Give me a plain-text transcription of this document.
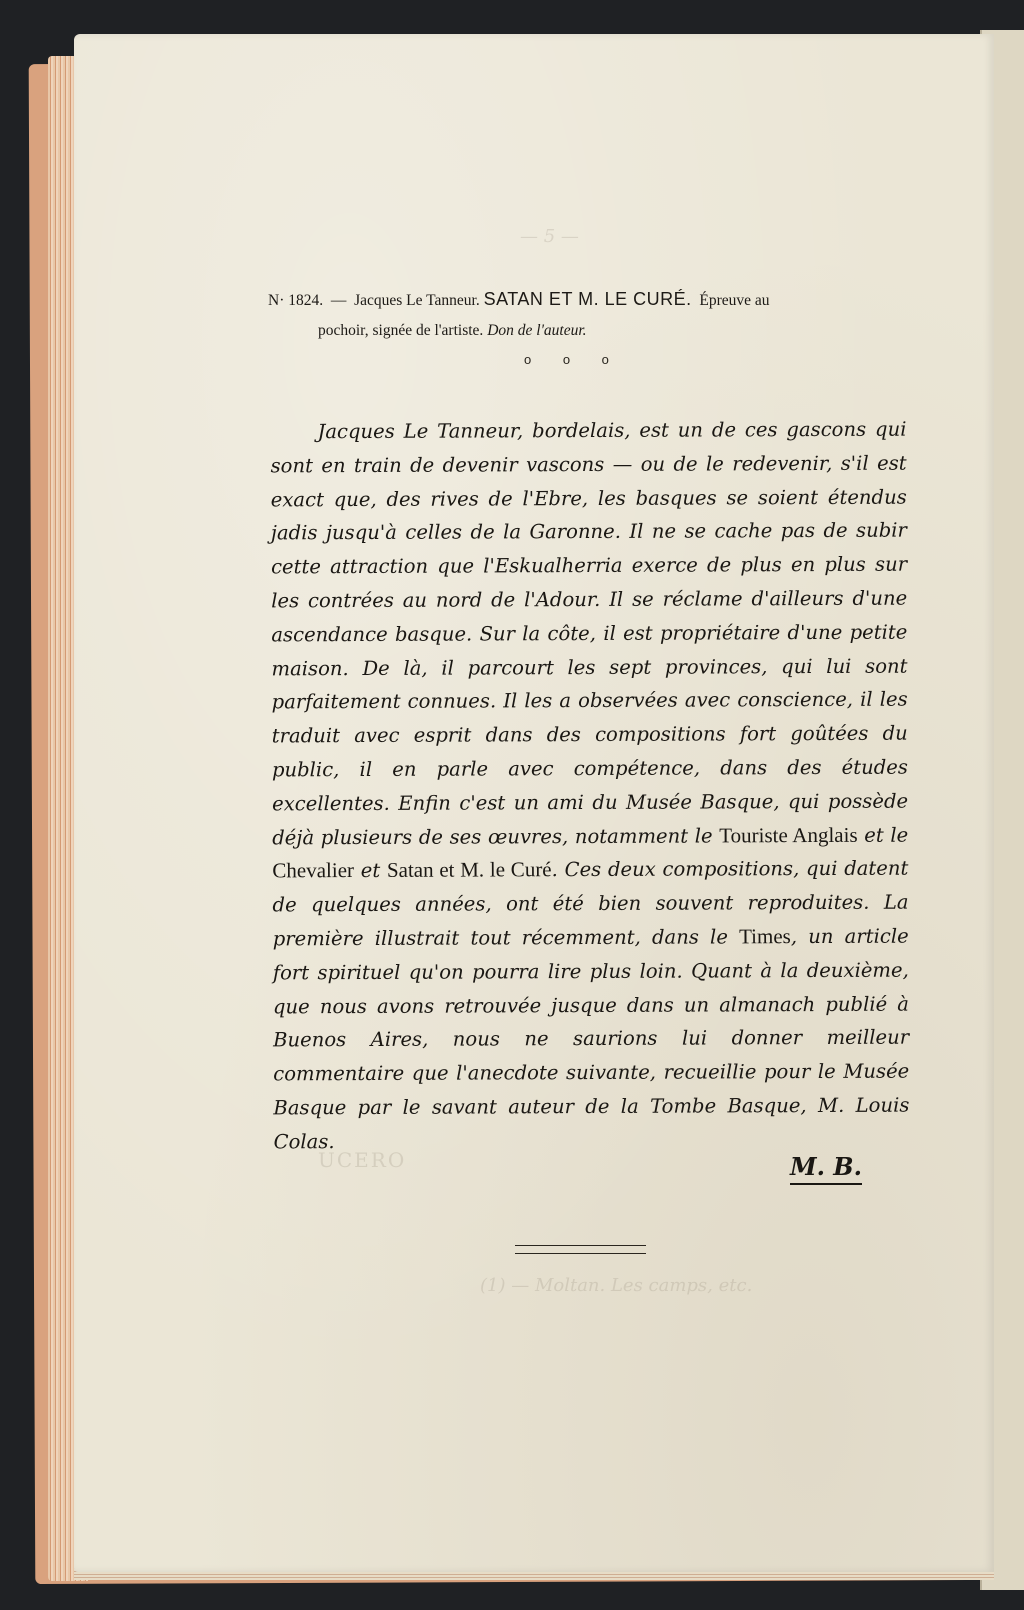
— 5 —
UCERO
(1) — Moltan. Les camps, etc.
N· 1824. — Jacques Le Tanneur. SATAN ET M. LE CURÉ. Épreuve au
pochoir, signée de l'artiste. Don de l'auteur.
o o o

Jacques Le Tanneur, bordelais, est un de ces gascons qui sont en train de devenir vascons — ou de le redevenir, s'il est exact que, des rives de l'Ebre, les basques se soient étendus jadis jusqu'à celles de la Garonne. Il ne se cache pas de subir cette attraction que l'Eskualherria exerce de plus en plus sur les contrées au nord de l'Adour. Il se réclame d'ailleurs d'une ascendance basque. Sur la côte, il est propriétaire d'une petite maison. De là, il parcourt les sept provinces, qui lui sont parfaitement connues. Il les a observées avec conscience, il les traduit avec esprit dans des compositions fort goûtées du public, il en parle avec compétence, dans des études excellentes. Enfin c'est un ami du Musée Basque, qui possède déjà plusieurs de ses œuvres, notamment le Touriste Anglais et le Chevalier et Satan et M. le Curé. Ces deux compositions, qui datent de quelques années, ont été bien souvent reproduites. La première illustrait tout récemment, dans le Times, un article fort spirituel qu'on pourra lire plus loin. Quant à la deuxième, que nous avons retrouvée jusque dans un almanach publié à Buenos Aires, nous ne saurions lui donner meilleur commentaire que l'anecdote suivante, recueillie pour le Musée Basque par le savant auteur de la Tombe Basque, M. Louis Colas.

M. B.
